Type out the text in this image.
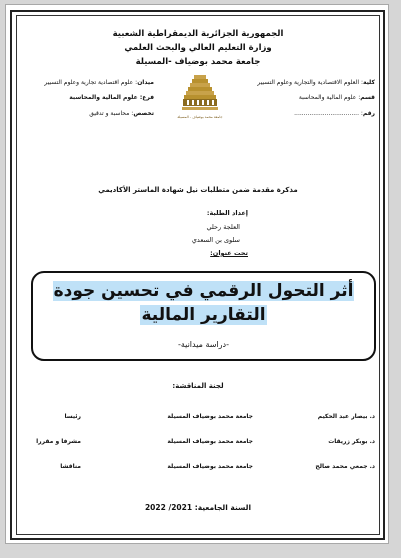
الجمهورية الجزائرية الديمقراطية الشعبية
وزارة التعليم العالي والبحث العلمي
جامعة محمد بوضياف -المسيلة
كلية: العلوم الاقتصادية والتجارية وعلوم التسيير
قسم: علوم المالية والمحاسبة
رقم: ..................................
ميدان: علوم اقتصادية تجارية وعلوم التسيير
فرع: علوم المالية والمحاسبة
تخصص: محاسبة و تدقيق	جامعة محمد بوضياف - المسيلة
مذكرة مقدمة ضمن متطلبات نيل شهادة الماستر الأكاديمي
إعداد الطلبة:
العلجة رحلي
سلوى بن السعدي
تحت عنوان:
أثر التحول الرقمي في تحسين جودة
التقارير المالية
-دراسة ميدانية-
لجنة المناقشة:
د. بيصار عبد الحكيم
جامعة محمد بوضياف المسيلة
رئيسا
د. بوبكر زريقات
جامعة محمد بوضياف المسيلة
مشرفا و مقررا
د. جمعي محمد صالح
جامعة محمد بوضياف المسيلة
مناقشا
السنة الجامعية: 2021/ 2022
